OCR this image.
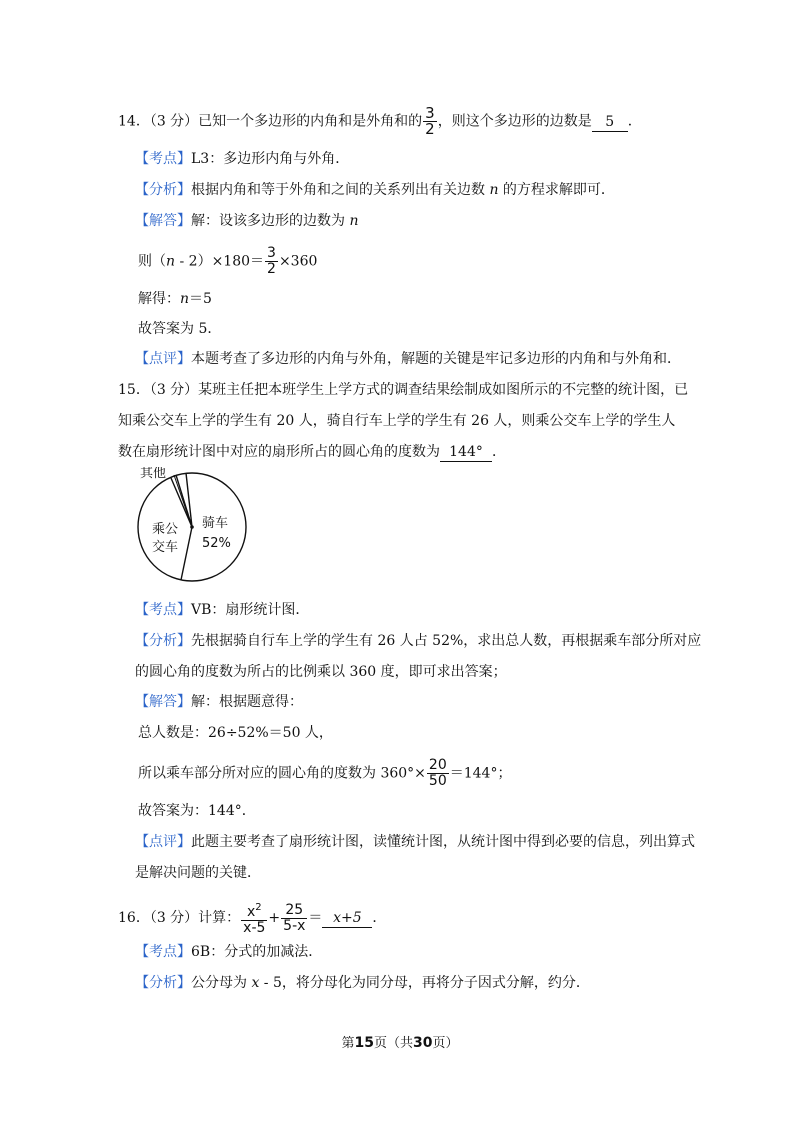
14．（3 分）已知一个多边形的内角和是外角和的 $\frac{3}{2}$ ，则这个多边形的边数是 5 ．
【考点】L3：多边形内角与外角．
【分析】根据内角和等于外角和之间的关系列出有关边数 n 的方程求解即可．
【解答】解：设该多边形的边数为 n
则（n ‑ $2)\times 180= \frac{3}{2} \times 360$
解得：n＝5
故答案为 5．
【点评】本题考查了多边形的内角与外角，解题的关键是牢记多边形的内角和与外角和．
15．（3 分）某班主任把本班学生上学方式的调查结果绘制成如图所示的不完整的统计图，已
知乘公交车上学的学生有 20 人，骑自行车上学的学生有 26 人，则乘公交车上学的学生人
数在扇形统计图中对应的扇形所占的圆心角的度数为 144° ．
其他
乘公
交车
骑车
52%
【考点】VB：扇形统计图．
【分析】先根据骑自行车上学的学生有 26 人占 52%，求出总人数，再根据乘车部分所对应
的圆心角的度数为所占的比例乘以 360 度，即可求出答案；
【解答】解：根据题意得：
总人数是：26÷52%＝50 人，
所以乘车部分所对应的圆心角的度数为 $360^\circ\times \frac{20}{50} =144^\circ$；
故答案为：144°．
【点评】此题主要考查了扇形统计图，读懂统计图，从统计图中得到必要的信息，列出算式
是解决问题的关键．
16．（3 分）计算： $\frac{x^2}{x‑5} + \frac{25}{5‑x} = x+5$ ．
【考点】6B：分式的加减法．
【分析】公分母为 x ‑ 5，将分母化为同分母，再将分子因式分解，约分．
第15页（共30页）
